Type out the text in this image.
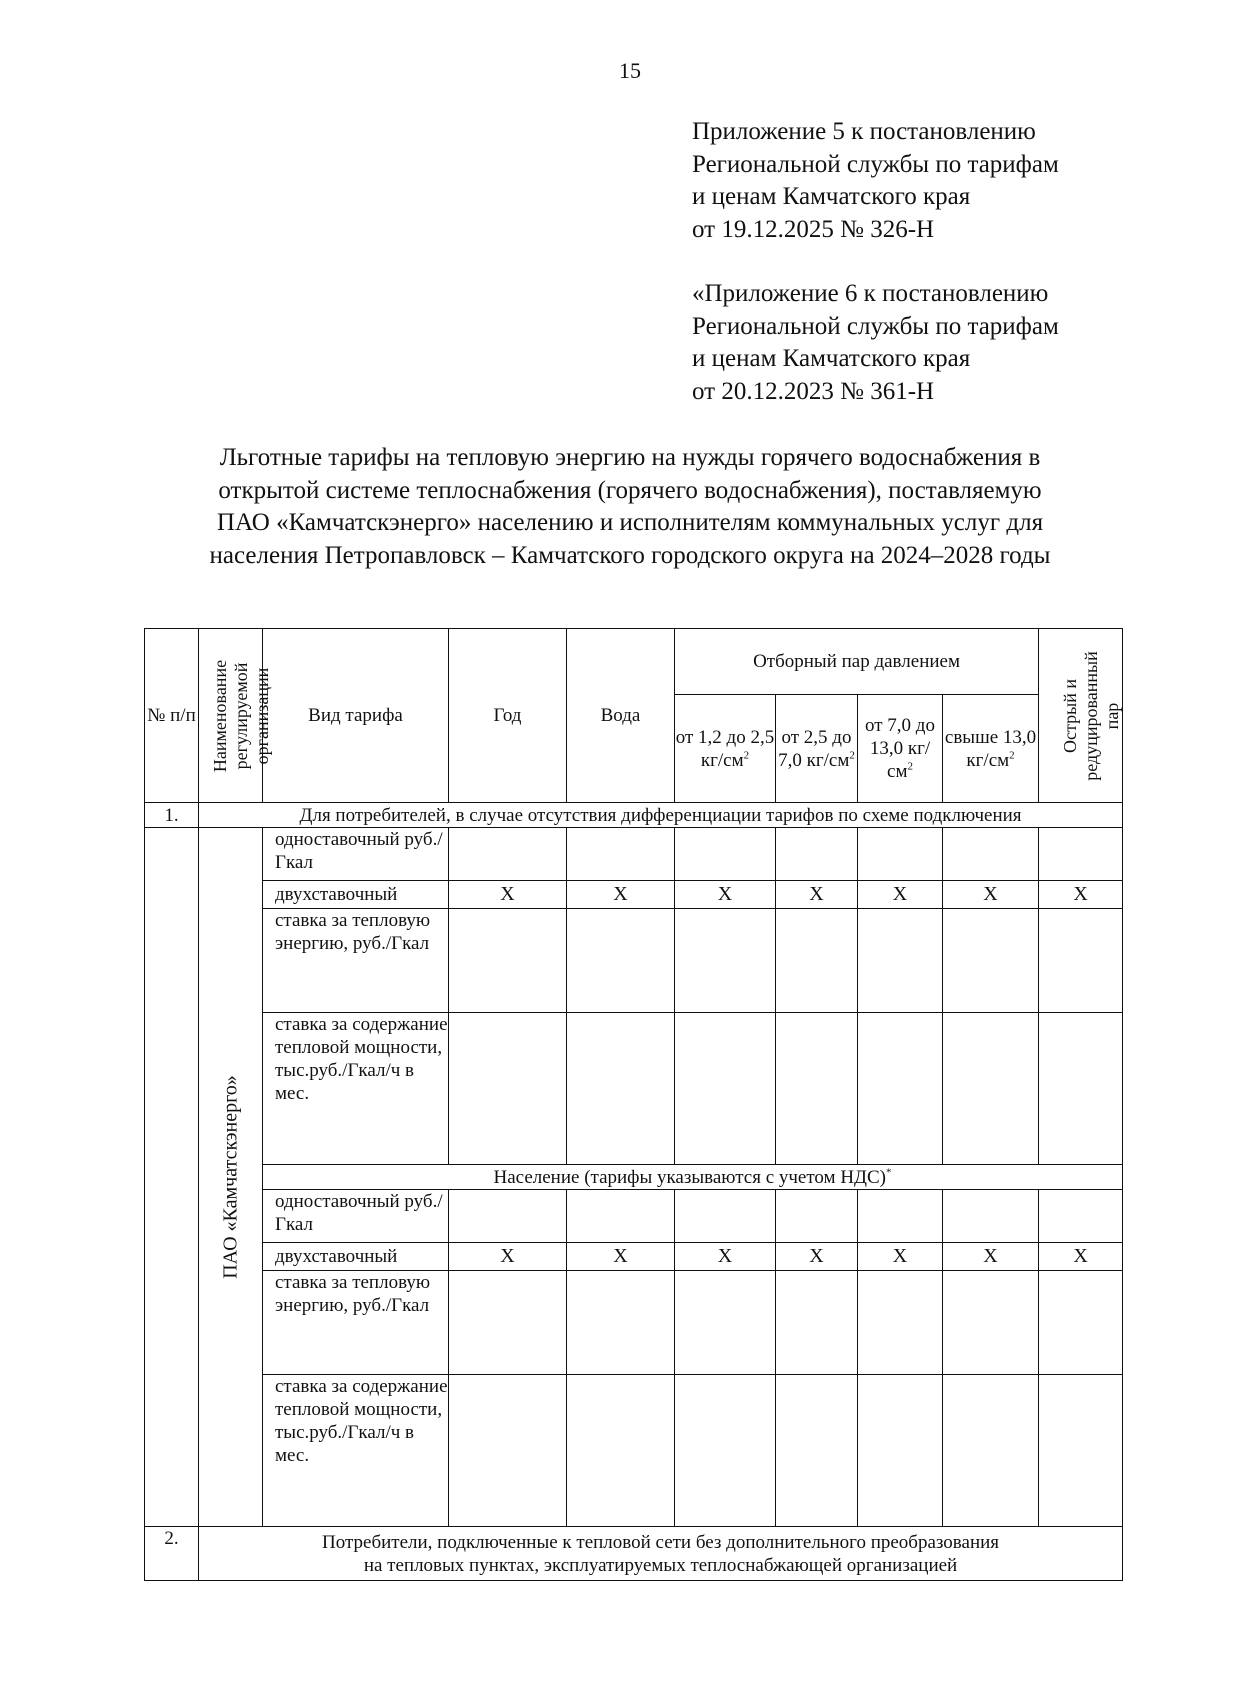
15
Приложение 5 к постановлению
Региональной службы по тарифам
и ценам Камчатского края
от 19.12.2025 № 326-Н
«Приложение 6 к постановлению
Региональной службы по тарифам
и ценам Камчатского края
от 20.12.2023 № 361-Н
Льготные тарифы на тепловую энергию на нужды горячего водоснабжения в
открытой системе теплоснабжения (горячего водоснабжения), поставляемую
ПАО «Камчатскэнерго» населению и исполнителям коммунальных услуг для
населения Петропавловск – Камчатского городского округа на 2024–2028 годы
№ п/п	Наименование регулируемой организации	Вид тарифа	Год	Вода	Отборный пар давлением				Острый и редуцированный пар

					от 1,2 до 2,5 $кг/см^2$	от 2,5 до 7,0 $кг/см^2$	от 7,0 до 13,0 $кг/см^2$	свыше 13,0 $кг/см^2$
1.	Для потребителей, в случае отсутствия дифференциации тарифов по схеме подключения								

	ПАО «Камчатскэнерго»	одноставочный руб./Гкал							
		двухставочный	Х	Х	Х	Х	Х	Х	Х
		ставка за тепловую энергию, руб./Гкал							
		ставка за содержание тепловой мощности, тыс.руб./Гкал/ч в мес.							
		Население (тарифы указываются с учетом НДС)*
		одноставочный руб./Гкал							
		двухставочный	Х	Х	Х	Х	Х	Х	Х
		ставка за тепловую энергию, руб./Гкал							
		ставка за содержание тепловой мощности, тыс.руб./Гкал/ч в мес.							
2.	Потребители, подключенные к тепловой сети без дополнительного преобразования
на тепловых пунктах, эксплуатируемых теплоснабжающей организацией								
